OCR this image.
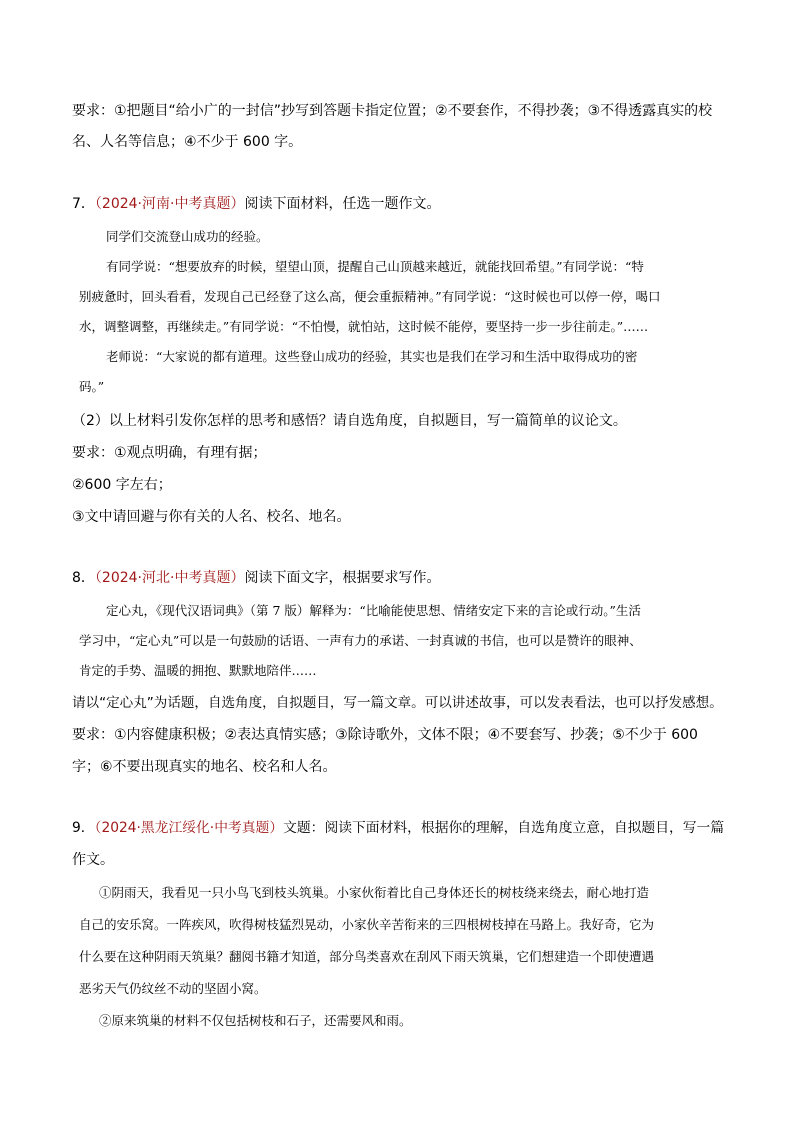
要求：①把题目“给小广的一封信”抄写到答题卡指定位置；②不要套作，不得抄袭；③不得透露真实的校
名、人名等信息；④不少于 600 字。
7．（2024·河南·中考真题）阅读下面材料，任选一题作文。
同学们交流登山成功的经验。
有同学说：“想要放弃的时候，望望山顶，提醒自己山顶越来越近，就能找回希望。”有同学说：“特
别疲惫时，回头看看，发现自己已经登了这么高，便会重振精神。”有同学说：“这时候也可以停一停，喝口
水，调整调整，再继续走。”有同学说：“不怕慢，就怕站，这时候不能停，要坚持一步一步往前走。”……
老师说：“大家说的都有道理。这些登山成功的经验，其实也是我们在学习和生活中取得成功的密
码。”
（2）以上材料引发你怎样的思考和感悟？请自选角度，自拟题目，写一篇简单的议论文。
要求：①观点明确，有理有据；
②600 字左右；
③文中请回避与你有关的人名、校名、地名。
8．（2024·河北·中考真题）阅读下面文字，根据要求写作。
定心丸，《现代汉语词典》（第 7 版）解释为：“比喻能使思想、情绪安定下来的言论或行动。”生活
学习中，“定心丸”可以是一句鼓励的话语、一声有力的承诺、一封真诚的书信，也可以是赞许的眼神、
肯定的手势、温暖的拥抱、默默地陪伴……
请以“定心丸”为话题，自选角度，自拟题目，写一篇文章。可以讲述故事，可以发表看法，也可以抒发感想。
要求：①内容健康积极；②表达真情实感；③除诗歌外，文体不限；④不要套写、抄袭；⑤不少于 600
字；⑥不要出现真实的地名、校名和人名。
9．（2024·黑龙江绥化·中考真题）文题：阅读下面材料，根据你的理解，自选角度立意，自拟题目，写一篇
作文。
①阴雨天，我看见一只小鸟飞到枝头筑巢。小家伙衔着比自己身体还长的树枝绕来绕去，耐心地打造
自己的安乐窝。一阵疾风，吹得树枝猛烈晃动，小家伙辛苦衔来的三四根树枝掉在马路上。我好奇，它为
什么要在这种阴雨天筑巢？翻阅书籍才知道，部分鸟类喜欢在刮风下雨天筑巢，它们想建造一个即使遭遇
恶劣天气仍纹丝不动的坚固小窝。
②原来筑巢的材料不仅包括树枝和石子，还需要风和雨。
